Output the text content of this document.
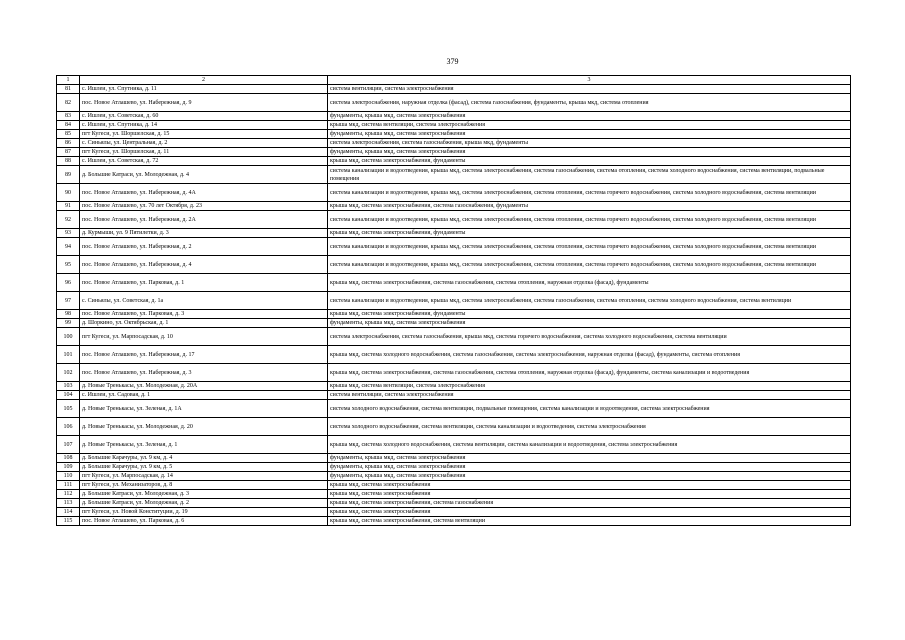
379
1	2	3
81	с. Ишлеи, ул. Спутника, д. 11	система вентиляции, система электроснабжения
82	пос. Новое Атлашево, ул. Набережная, д. 9	система электроснабжения, наружная отделка (фасад), система газоснабжения, фундаменты, крыша мкд, система отопления
83	с. Ишлеи, ул. Советская, д. 60	фундаменты, крыша мкд, система электроснабжения
84	с. Ишлеи, ул. Спутника, д. 14	крыша мкд, система вентиляции, система электроснабжения
85	пгт Кугеси, ул. Шоршелская, д. 15	фундаменты, крыша мкд, система электроснабжения
86	с. Синьялы, ул. Центральная, д. 2	система электроснабжения, система газоснабжения, крыша мкд, фундаменты
87	пгт Кугеси, ул. Шоршелская, д. 11	фундаменты, крыша мкд, система электроснабжения
88	с. Ишлеи, ул. Советская, д. 72	крыша мкд, система электроснабжения, фундаменты
89	д. Большие Катраси, ул. Молодежная, д. 4	система канализации и водоотведения, крыша мкд, система электроснабжения, система газоснабжения, система отопления, система холодного водоснабжения, система вентиляции, подвальные помещения
90	пос. Новое Атлашево, ул. Набережная, д. 4А	система канализации и водоотведения, крыша мкд, система электроснабжения, система отопления, система горячего водоснабжения, система холодного водоснабжения, система вентиляции
91	пос. Новое Атлашево, ул. 70 лет Октября, д. 23	крыша мкд, система электроснабжения, система газоснабжения, фундаменты
92	пос. Новое Атлашево, ул. Набережная, д. 2А	система канализации и водоотведения, крыша мкд, система электроснабжения, система отопления, система горячего водоснабжения, система холодного водоснабжения, система вентиляции
93	д. Курмыши, ул. 9 Пятилетки, д. 3	крыша мкд, система электроснабжения, фундаменты
94	пос. Новое Атлашево, ул. Набережная, д. 2	система канализации и водоотведения, крыша мкд, система электроснабжения, система отопления, система горячего водоснабжения, система холодного водоснабжения, система вентиляции
95	пос. Новое Атлашево, ул. Набережная, д. 4	система канализации и водоотведения, крыша мкд, система электроснабжения, система отопления, система горячего водоснабжения, система холодного водоснабжения, система вентиляции
96	пос. Новое Атлашево, ул. Парковая, д. 1	крыша мкд, система электроснабжения, система газоснабжения, система отопления, наружная отделка (фасад), фундаменты
97	с. Синьялы, ул. Советская, д. 1а	система канализации и водоотведения, крыша мкд, система электроснабжения, система газоснабжения, система отопления, система холодного водоснабжения, система вентиляции
98	пос. Новое Атлашево, ул. Парковая, д. 3	крыша мкд, система электроснабжения, фундаменты
99	д. Шоркино, ул. Октябрьская, д. 1	фундаменты, крыша мкд, система электроснабжения
100	пгт Кугеси, ул. Марпосадская, д. 10	система электроснабжения, система газоснабжения, крыша мкд, система горячего водоснабжения, система холодного водоснабжения, система вентиляции
101	пос. Новое Атлашево, ул. Набережная, д. 17	крыша мкд, система холодного водоснабжения, система газоснабжения, система электроснабжения, наружная отделка (фасад), фундаменты, система отопления
102	пос. Новое Атлашево, ул. Набережная, д. 3	крыша мкд, система электроснабжения, система газоснабжения, система отопления, наружная отделка (фасад), фундаменты, система канализации и водоотведения
103	д. Новые Тренькасы, ул. Молодежная, д. 20А	крыша мкд, система вентиляции, система электроснабжения
104	с. Ишлеи, ул. Садовая, д. 1	система вентиляции, система электроснабжения
105	д. Новые Тренькасы, ул. Зеленая, д. 1А	система холодного водоснабжения, система вентиляции, подвальные помещения, система канализации и водоотведения, система электроснабжения
106	д. Новые Тренькасы, ул. Молодежная, д. 20	система холодного водоснабжения, система вентиляции, система канализации и водоотведения, система электроснабжения
107	д. Новые Тренькасы, ул. Зеленая, д. 1	крыша мкд, система холодного водоснабжения, система вентиляции, система канализации и водоотведения, система электроснабжения
108	д. Большие Карачуры, ул. 9 км, д. 4	фундаменты, крыша мкд, система электроснабжения
109	д. Большие Карачуры, ул. 9 км, д. 5	фундаменты, крыша мкд, система электроснабжения
110	пгт Кугеси, ул. Марпосадская, д. 14	фундаменты, крыша мкд, система электроснабжения
111	пгт Кугеси, ул. Механизаторов, д. 8	крыша мкд, система электроснабжения
112	д. Большие Катраси, ул. Молодежная, д. 3	крыша мкд, система электроснабжения
113	д. Большие Катраси, ул. Молодежная, д. 2	крыша мкд, система электроснабжения, система газоснабжения
114	пгт Кугеси, ул. Новой Конституции, д. 19	крыша мкд, система электроснабжения
115	пос. Новое Атлашево, ул. Парковая, д. 6	крыша мкд, система электроснабжения, система вентиляции
